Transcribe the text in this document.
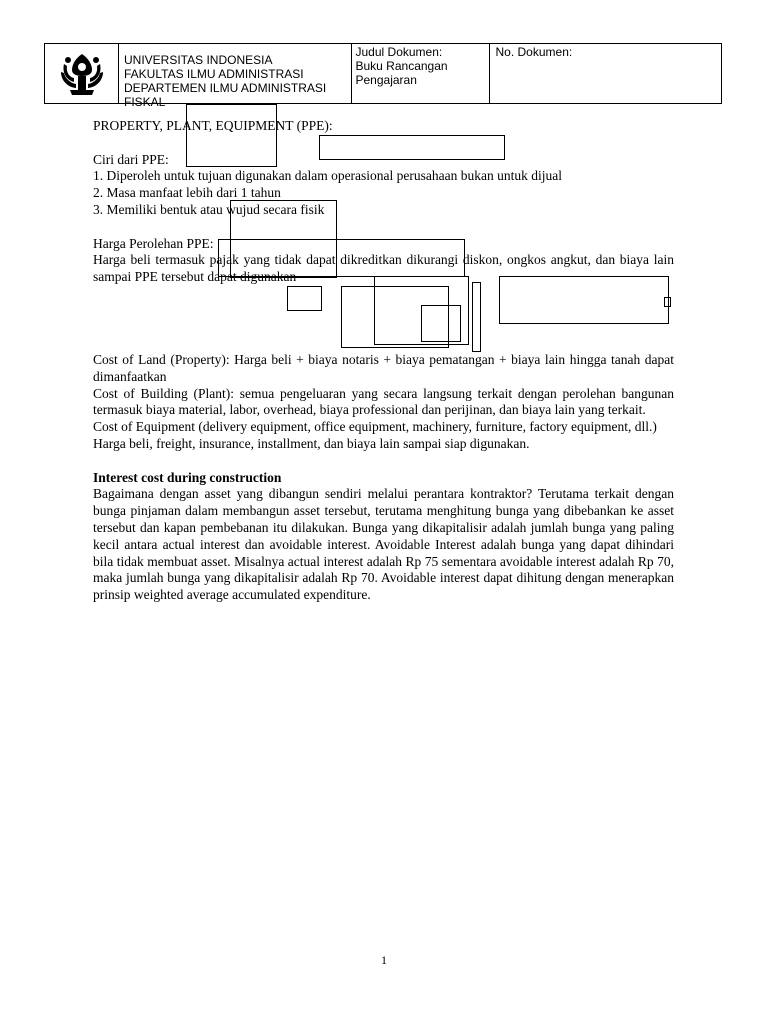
UNIVERSITAS INDONESIA
FAKULTAS ILMU ADMINISTRASI
DEPARTEMEN ILMU ADMINISTRASI FISKAL

Judul Dokumen:
Buku Rancangan
Pengajaran

No. Dokumen:
PROPERTY, PLANT, EQUIPMENT (PPE):
Ciri dari PPE:
1. Diperoleh untuk tujuan digunakan dalam operasional perusahaan bukan untuk dijual
2. Masa manfaat lebih dari 1 tahun
3. Memiliki bentuk atau wujud secara fisik
Harga Perolehan PPE:
Harga beli termasuk pajak yang tidak dapat dikreditkan dikurangi diskon, ongkos angkut, dan biaya lain sampai PPE tersebut dapat digunakan
Cost of Land (Property): Harga beli + biaya notaris + biaya pematangan + biaya lain hingga tanah dapat dimanfaatkan
Cost of Building (Plant): semua pengeluaran yang secara langsung terkait dengan perolehan bangunan termasuk biaya material, labor, overhead, biaya professional dan perijinan, dan biaya lain yang terkait.
Cost of Equipment (delivery equipment, office equipment, machinery, furniture, factory equipment, dll.)
Harga beli, freight, insurance, installment, dan biaya lain sampai siap digunakan.
Interest cost during construction
Bagaimana dengan asset yang dibangun sendiri melalui perantara kontraktor? Terutama terkait dengan bunga pinjaman dalam membangun asset tersebut, terutama menghitung bunga yang dibebankan ke asset tersebut dan kapan pembebanan itu dilakukan. Bunga yang dikapitalisir adalah jumlah bunga yang paling kecil antara actual interest dan avoidable interest. Avoidable Interest adalah bunga yang dapat dihindari bila tidak membuat asset. Misalnya actual interest adalah Rp 75 sementara avoidable interest adalah Rp 70, maka jumlah bunga yang dikapitalisir adalah Rp 70. Avoidable interest dapat dihitung dengan menerapkan prinsip weighted average accumulated expenditure.
1
